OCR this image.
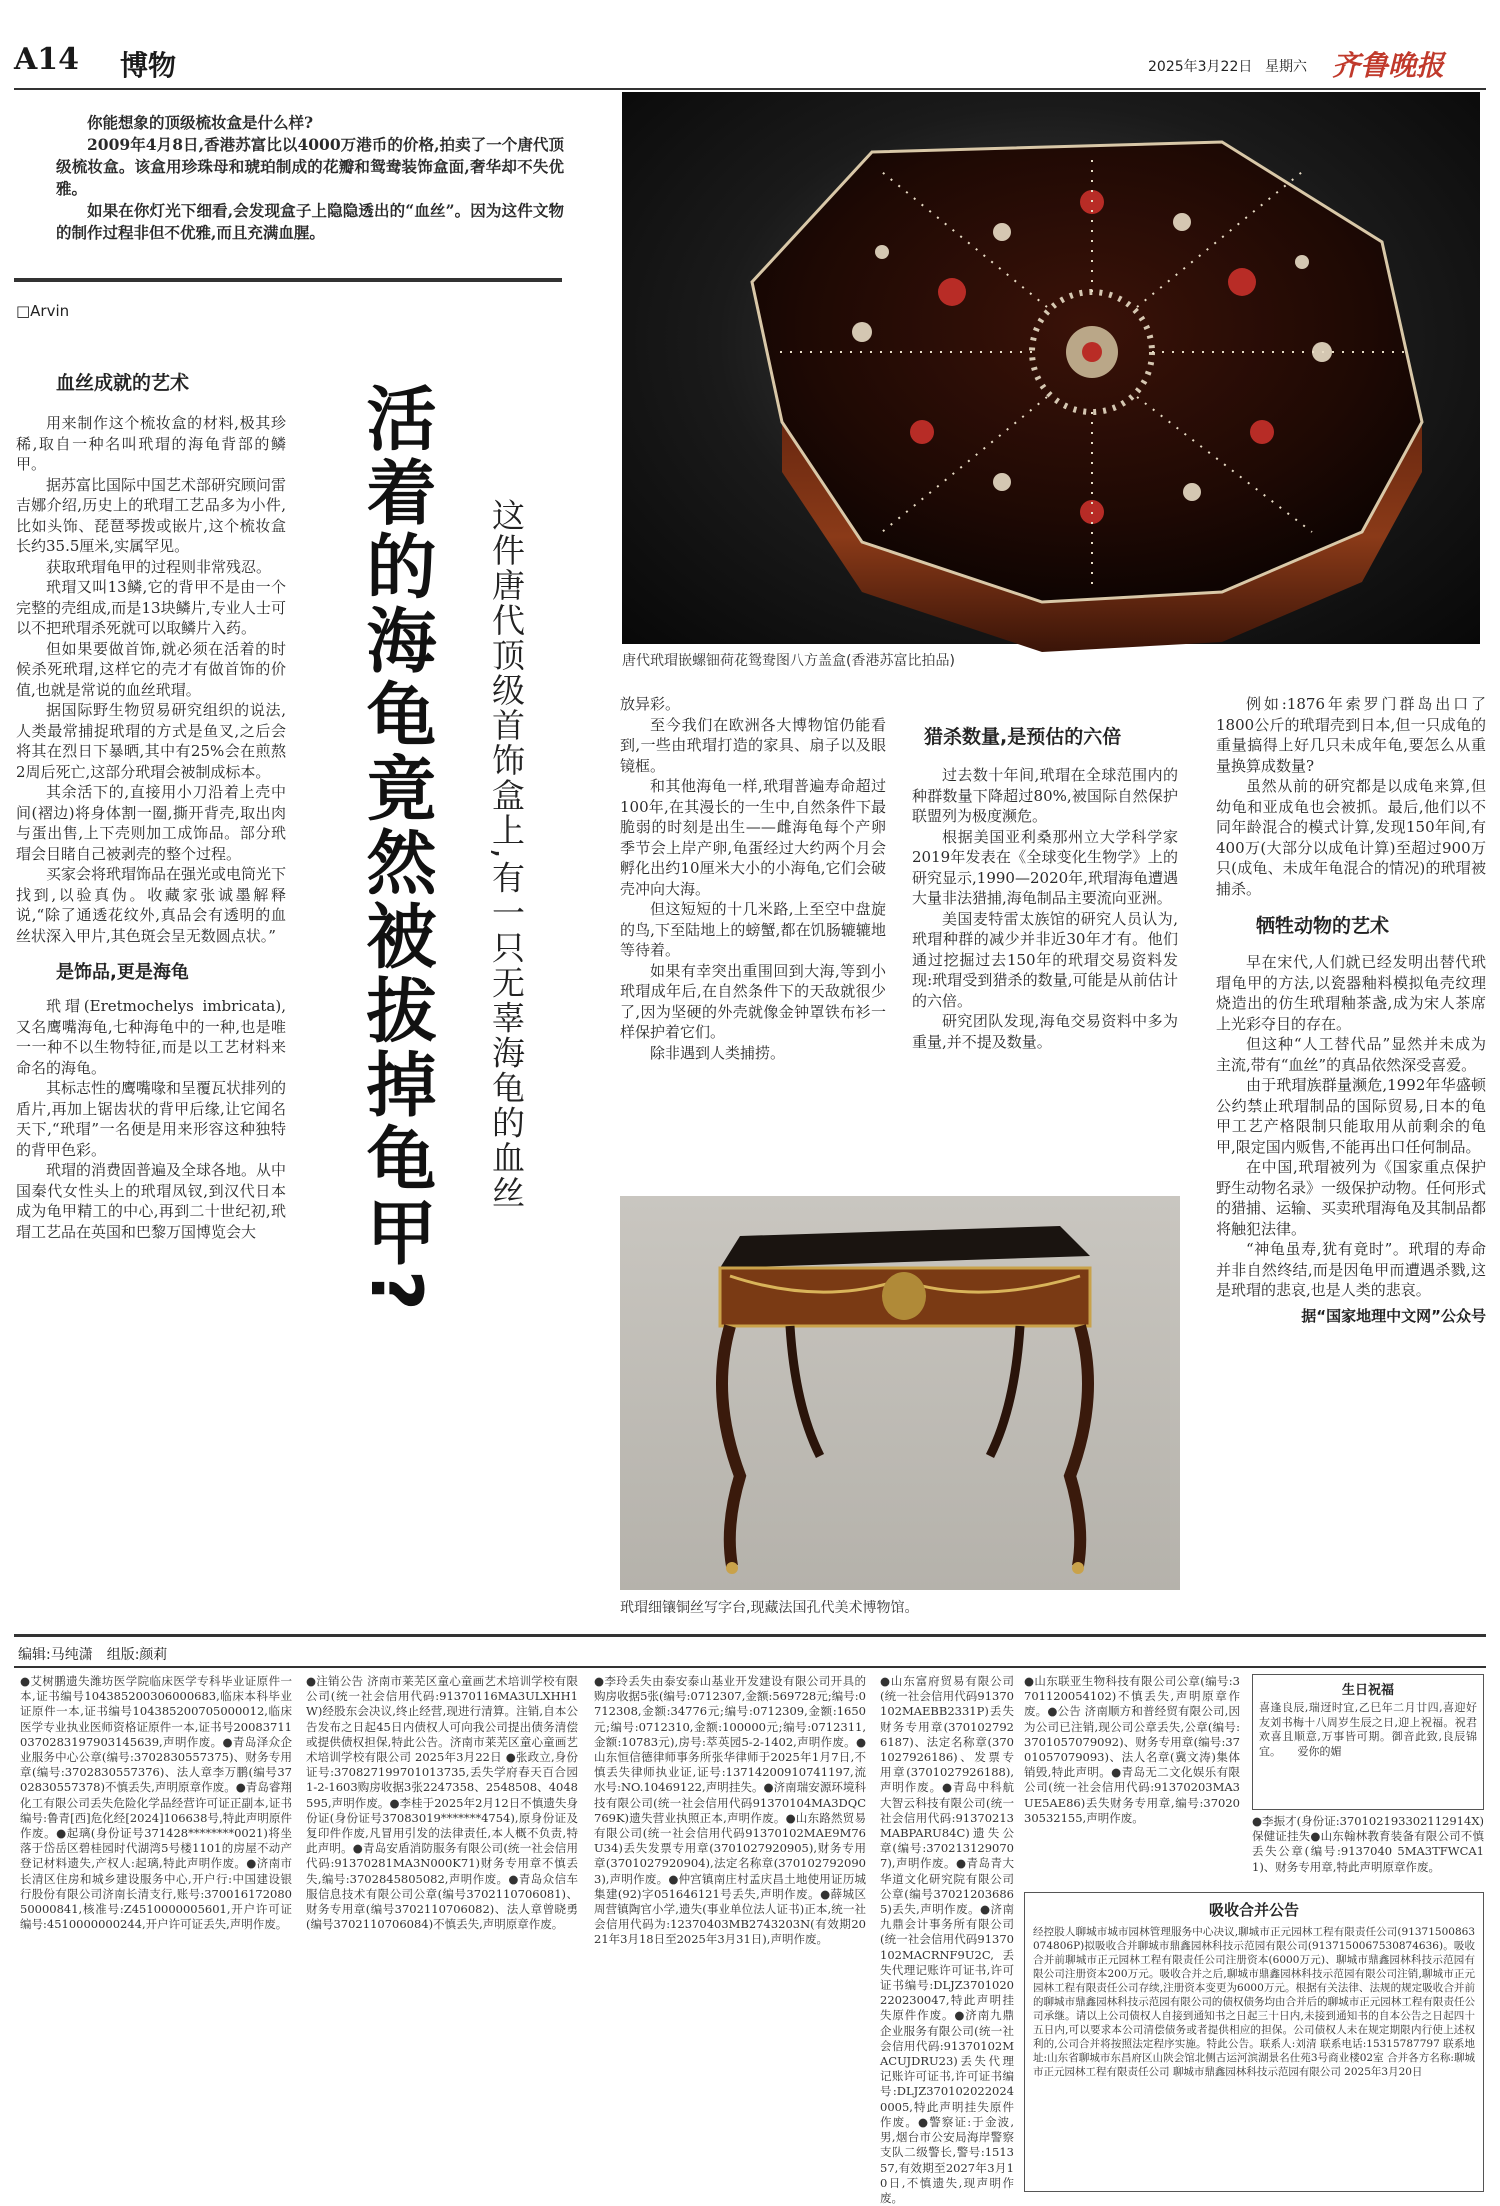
A14 博物	2025年3月22日 星期六 齐鲁晚报
你能想象的顶级梳妆盒是什么样?
2009年4月8日,香港苏富比以4000万港币的价格,拍卖了一个唐代顶级梳妆盒。该盒用珍珠母和琥珀制成的花瓣和鸳鸯装饰盒面,奢华却不失优雅。
如果在你灯光下细看,会发现盒子上隐隐透出的“血丝”。因为这件文物的制作过程非但不优雅,而且充满血腥。
□Arvin
唐代玳瑁嵌螺钿荷花鸳鸯图八方盖盒(香港苏富比拍品)
活着的海龟竟然被拔掉龟甲? 这件唐代顶级首饰盒上,有一只无辜海龟的血丝
血丝成就的艺术
用来制作这个梳妆盒的材料,极其珍稀,取自一种名叫玳瑁的海龟背部的鳞甲。
据苏富比国际中国艺术部研究顾问雷吉娜介绍,历史上的玳瑁工艺品多为小件,比如头饰、琵琶琴拨或嵌片,这个梳妆盒长约35.5厘米,实属罕见。
获取玳瑁龟甲的过程则非常残忍。
玳瑁又叫13鳞,它的背甲不是由一个完整的壳组成,而是13块鳞片,专业人士可以不把玳瑁杀死就可以取鳞片入药。
但如果要做首饰,就必须在活着的时候杀死玳瑁,这样它的壳才有做首饰的价值,也就是常说的血丝玳瑁。
据国际野生物贸易研究组织的说法,人类最常捕捉玳瑁的方式是鱼叉,之后会将其在烈日下暴晒,其中有25%会在煎熬2周后死亡,这部分玳瑁会被制成标本。
其余活下的,直接用小刀沿着上壳中间(褶边)将身体割一圈,撕开背壳,取出肉与蛋出售,上下壳则加工成饰品。部分玳瑁会目睹自己被剥壳的整个过程。
买家会将玳瑁饰品在强光或电筒光下找到,以验真伪。收藏家张诚墨解释说,“除了通透花纹外,真品会有透明的血丝状深入甲片,其色斑会呈无数圆点状。”
是饰品,更是海龟
玳瑁(Eretmochelys imbricata),又名鹰嘴海龟,七种海龟中的一种,也是唯一一种不以生物特征,而是以工艺材料来命名的海龟。
其标志性的鹰嘴喙和呈覆瓦状排列的盾片,再加上锯齿状的背甲后缘,让它闻名天下,“玳瑁”一名便是用来形容这种独特的背甲色彩。
玳瑁的消费固普遍及全球各地。从中国秦代女性头上的玳瑁凤钗,到汉代日本成为龟甲精工的中心,再到二十世纪初,玳瑁工艺品在英国和巴黎万国博览会大
放异彩。
至今我们在欧洲各大博物馆仍能看到,一些由玳瑁打造的家具、扇子以及眼镜框。
和其他海龟一样,玳瑁普遍寿命超过100年,在其漫长的一生中,自然条件下最脆弱的时刻是出生——雌海龟每个产卵季节会上岸产卵,龟蛋经过大约两个月会孵化出约10厘米大小的小海龟,它们会破壳冲向大海。
但这短短的十几米路,上至空中盘旋的鸟,下至陆地上的螃蟹,都在饥肠辘辘地等待着。
如果有幸突出重围回到大海,等到小玳瑁成年后,在自然条件下的天敌就很少了,因为坚硬的外壳就像金钟罩铁布衫一样保护着它们。
除非遇到人类捕捞。
猎杀数量,是预估的六倍
过去数十年间,玳瑁在全球范围内的种群数量下降超过80%,被国际自然保护联盟列为极度濒危。
根据美国亚利桑那州立大学科学家2019年发表在《全球变化生物学》上的研究显示,1990—2020年,玳瑁海龟遭遇大量非法猎捕,海龟制品主要流向亚洲。
美国麦特雷太族馆的研究人员认为,玳瑁种群的减少并非近30年才有。他们通过挖掘过去150年的玳瑁交易资料发现:玳瑁受到猎杀的数量,可能是从前估计的六倍。
研究团队发现,海龟交易资料中多为重量,并不提及数量。
玳瑁细镶铜丝写字台,现藏法国孔代美术博物馆。
例如:1876年索罗门群岛出口了1800公斤的玳瑁壳到日本,但一只成龟的重量搞得上好几只未成年龟,要怎么从重量换算成数量?
虽然从前的研究都是以成龟来算,但幼龟和亚成龟也会被抓。最后,他们以不同年龄混合的模式计算,发现150年间,有400万(大部分以成龟计算)至超过900万只(成龟、未成年龟混合的情况)的玳瑁被捕杀。
牺牲动物的艺术
早在宋代,人们就已经发明出替代玳瑁龟甲的方法,以瓷器釉料模拟龟壳纹理烧造出的仿生玳瑁釉茶盏,成为宋人茶席上光彩夺目的存在。
但这种“人工替代品”显然并未成为主流,带有“血丝”的真品依然深受喜爱。
由于玳瑁族群量濒危,1992年华盛顿公约禁止玳瑁制品的国际贸易,日本的龟甲工艺产格限制只能取用从前剩余的龟甲,限定国内贩售,不能再出口任何制品。
在中国,玳瑁被列为《国家重点保护野生动物名录》一级保护动物。任何形式的猎捕、运输、买卖玳瑁海龟及其制品都将触犯法律。
“神龟虽寿,犹有竟时”。玳瑁的寿命并非自然终结,而是因龟甲而遭遇杀戮,这是玳瑁的悲哀,也是人类的悲哀。
据“国家地理中文网”公众号
编辑:马纯潇　组版:颜莉
●艾树鹏遗失潍坊医学院临床医学专科毕业证原件一本,证书编号104385200306000683,临床本科毕业证原件一本,证书编号104385200705000012,临床医学专业执业医师资格证原件一本,证书号200837110370283197903145639,声明作废。●青岛泽众企业服务中心公章(编号:3702830557375)、财务专用章(编号:3702830557376)、法人章李万鹏(编号3702830557378)不慎丢失,声明原章作废。●青岛睿翔化工有限公司丢失危险化学品经营许可证正副本,证书编号:鲁青[西]危化经[2024]106638号,特此声明原件作废。●起璃(身份证号371428********0021)将坐落于岱岳区碧桂园时代湖湾5号楼1101的房屋不动产登记材料遗失,产权人:起璃,特此声明作废。●济南市长清区住房和城乡建设服务中心,开户行:中国建设银行股份有限公司济南长清支行,账号:37001617208050000841,核准号:Z4510000005601,开户许可证编号:4510000000244,开户许可证丢失,声明作废。
●注销公告 济南市莱芜区童心童画艺术培训学校有限公司(统一社会信用代码:91370116MA3ULXHH1W)经股东会决议,终止经营,现进行清算。注销,自本公告发布之日起45日内债权人可向我公司提出债务清偿或提供债权担保,特此公告。济南市莱芜区童心童画艺术培训学校有限公司 2025年3月22日 ●张政立,身份证号:370827199701013735,丢失学府春天百合园1-2-1603购房收据3张2247358、2548508、4048595,声明作废。●李桂于2025年2月12日不慎遗失身份证(身份证号37083019*******4754),原身份证及复印件作废,凡冒用引发的法律责任,本人概不负责,特此声明。●青岛安盾消防服务有限公司(统一社会信用代码:91370281MA3N000K71)财务专用章不慎丢失,编号:3702845805082,声明作废。●青岛众信车服信息技术有限公司公章(编号3702110706081)、财务专用章(编号3702110706082)、法人章曾晓勇(编号3702110706084)不慎丢失,声明原章作废。
●李玲丢失由泰安泰山基业开发建设有限公司开具的购房收据5张(编号:0712307,金额:569728元;编号:0712308,金额:34776元;编号:0712309,金额:1650元;编号:0712310,金额:100000元;编号:0712311,金额:10783元),房号:萃英园5-2-1402,声明作废。●山东恒信德律师事务所张华律师于2025年1月7日,不慎丢失律师执业证,证号:13714200910741197,流水号:NO.10469122,声明挂失。●济南瑞安源环境科技有限公司(统一社会信用代码91370104MA3DQC769K)遗失营业执照正本,声明作废。●山东路然贸易有限公司(统一社会信用代码91370102MAE9M76U34)丢失发票专用章(3701027920905),财务专用章(3701027920904),法定名称章(3701027920903),声明作废。●仲宫镇南庄村孟庆昌土地使用证历城集建(92)字051646121号丢失,声明作废。●薛城区周营镇陶官小学,遗失(事业单位法人证书)正本,统一社会信用代码为:12370403MB2743203N(有效期2021年3月18日至2025年3月31日),声明作废。
●山东富府贸易有限公司(统一社会信用代码91370102MAEBB2331P)丢失财务专用章(3701027926187)、法定名称章(3701027926186)、发票专用章(3701027926188),声明作废。●青岛中科航大智云科技有限公司(统一社会信用代码:91370213MABPARU84C)遗失公章(编号:3702131290707),声明作废。●青岛青大华道文化研究院有限公司公章(编号370212036865)丢失,声明作废。●济南九鼎会计事务所有限公司(统一社会信用代码91370102MACRNF9U2C,丢失代理记账许可证书,许可证书编号:DLJZ3701020220230047,特此声明挂失原件作废。●济南九鼎企业服务有限公司(统一社会信用代码:91370102MACUJDRU23)丢失代理记账许可证书,许可证书编号:DLJZ3701020220240005,特此声明挂失原件作废。●警察证:于金波,男,烟台市公安局海岸警察支队二级警长,警号:151357,有效期至2027年3月10日,不慎遗失,现声明作废。
●山东联亚生物科技有限公司公章(编号:3701120054102)不慎丢失,声明原章作废。●公告 济南顺方和普经贸有限公司,因为公司已注销,现公司公章丢失,公章(编号:3701057079092)、财务专用章(编号:3701057079093)、法人名章(冀文涛)集体销毁,特此声明。●青岛无二文化娱乐有限公司(统一社会信用代码:91370203MA3UE5AE86)丢失财务专用章,编号:3702030532155,声明作废。
生日祝福
喜逢良辰,瑞迓时宜,乙巳年二月廿四,喜迎好友刘书梅十八周岁生辰之日,迎上祝福。祝君欢喜且顺意,万事皆可期。御音此致,良辰锦宜。　　爱你的媚
●李振才(身份证:370102193302112914X)保健证挂失●山东翰林教育装备有限公司不慎丢失公章(编号:9137040 5MA3TFWCA11)、财务专用章,特此声明原章作废。
吸收合并公告
经控股人聊城市城市园林管理服务中心决议,聊城市正元园林工程有限责任公司(91371500863074806P)拟吸收合并聊城市鼎鑫园林科技示范园有限公司(9137150067530874636)。吸收合并前聊城市正元园林工程有限责任公司注册资本(6000万元)、聊城市鼎鑫园林科技示范园有限公司注册资本200万元。吸收合并之后,聊城市鼎鑫园林科技示范园有限公司注销,聊城市正元园林工程有限责任公司存续,注册资本变更为6000万元。根据有关法律、法规的规定吸收合并前的聊城市鼎鑫园林科技示范园有限公司的债权债务均由合并后的聊城市正元园林工程有限责任公司承继。请以上公司债权人自接到通知书之日起三十日内,未接到通知书的自本公告之日起四十五日内,可以要求本公司清偿债务或者提供相应的担保。公司债权人未在规定期限内行使上述权利的,公司合并将按照法定程序实施。特此公告。联系人:刘清 联系电话:15315787797 联系地址:山东省聊城市东昌府区山陕会馆北侧古运河滨湖景名仕苑3号商业楼02室 合并各方名称:聊城市正元园林工程有限责任公司 聊城市鼎鑫园林科技示范园有限公司 2025年3月20日
